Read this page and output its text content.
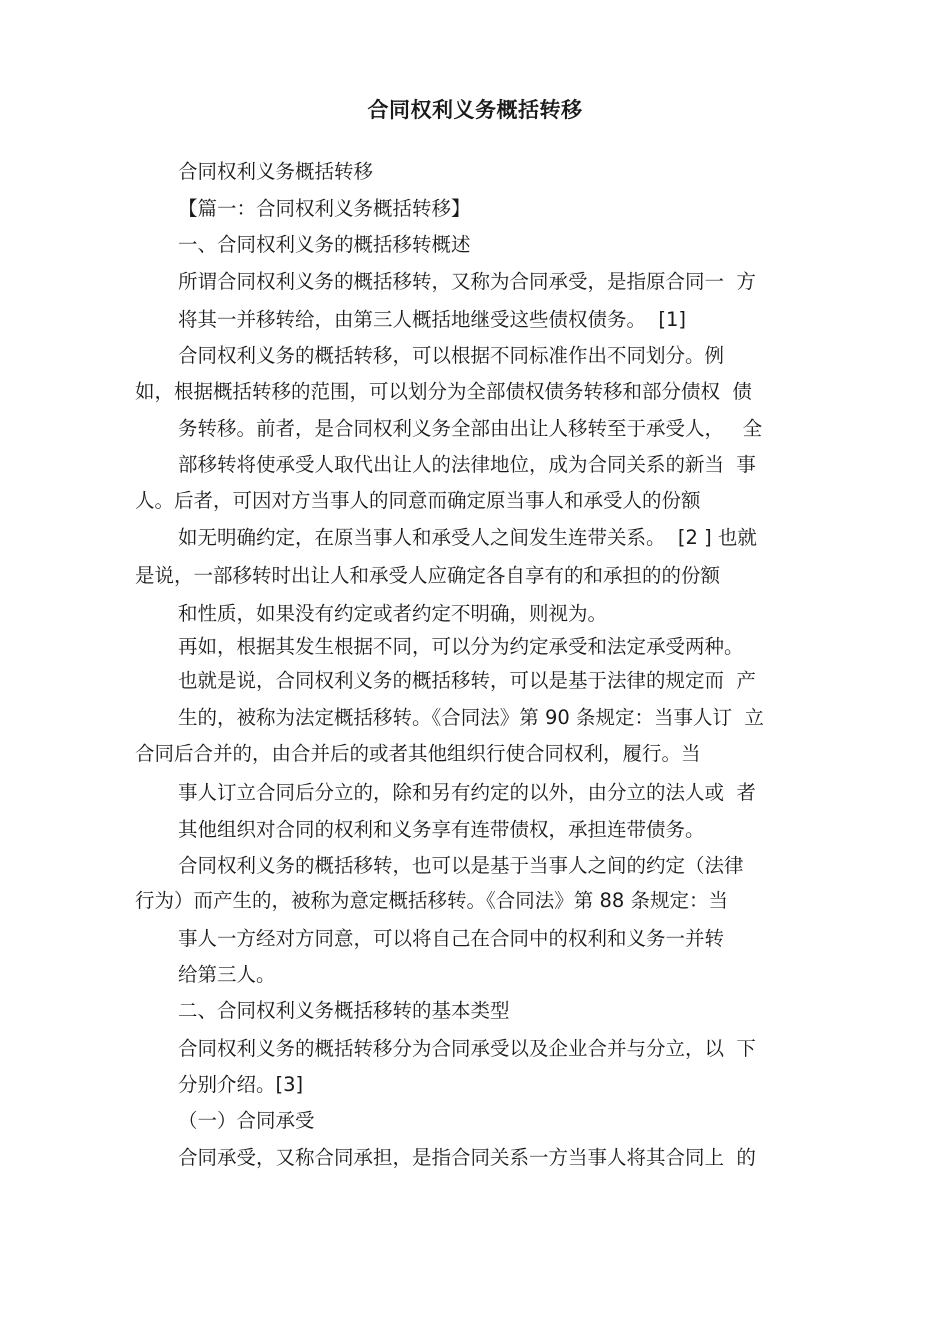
合同权利义务概括转移

合同权利义务概括转移

【篇一：合同权利义务概括转移】

一、合同权利义务的概括移转概述

所谓合同权利义务的概括移转，又称为合同承受，是指原合同一  方

将其一并移转给，由第三人概括地继受这些债权债务。  [1]

合同权利义务的概括转移，可以根据不同标准作出不同划分。例

如，根据概括转移的范围，可以划分为全部债权债务转移和部分债权  债

务转移。前者，是合同权利义务全部由出让人移转至于承受人，   全

部移转将使承受人取代出让人的法律地位，成为合同关系的新当  事

人。后者，可因对方当事人的同意而确定原当事人和承受人的份额

如无明确约定，在原当事人和承受人之间发生连带关系。  [2 ] 也就

是说，一部移转时出让人和承受人应确定各自享有的和承担的的份额

和性质，如果没有约定或者约定不明确，则视为。

再如，根据其发生根据不同，可以分为约定承受和法定承受两种。

也就是说，合同权利义务的概括移转，可以是基于法律的规定而  产

生的，被称为法定概括移转。《合同法》第 90 条规定：当事人订  立

合同后合并的，由合并后的或者其他组织行使合同权利，履行。当

事人订立合同后分立的，除和另有约定的以外，由分立的法人或  者

其他组织对合同的权利和义务享有连带债权，承担连带债务。

合同权利义务的概括移转，也可以是基于当事人之间的约定（法律

行为）而产生的，被称为意定概括移转。《合同法》第 88 条规定：当

事人一方经对方同意，可以将自己在合同中的权利和义务一并转

给第三人。

二、合同权利义务概括移转的基本类型

合同权利义务的概括转移分为合同承受以及企业合并与分立，以  下

分别介绍。[3]

（一）合同承受

合同承受，又称合同承担，是指合同关系一方当事人将其合同上  的
